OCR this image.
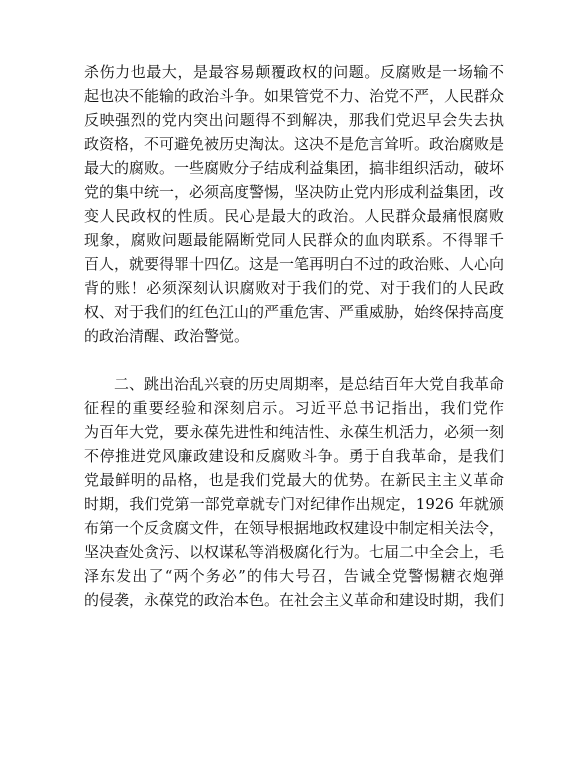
杀伤力也最大，是最容易颠覆政权的问题。反腐败是一场输不
起也决不能输的政治斗争。如果管党不力、治党不严，人民群众
反映强烈的党内突出问题得不到解决，那我们党迟早会失去执
政资格，不可避免被历史淘汰。这决不是危言耸听。政治腐败是
最大的腐败。一些腐败分子结成利益集团，搞非组织活动，破坏
党的集中统一，必须高度警惕，坚决防止党内形成利益集团，改
变人民政权的性质。民心是最大的政治。人民群众最痛恨腐败
现象，腐败问题最能隔断党同人民群众的血肉联系。不得罪千
百人，就要得罪十四亿。这是一笔再明白不过的政治账、人心向
背的账！必须深刻认识腐败对于我们的党、对于我们的人民政
权、对于我们的红色江山的严重危害、严重威胁，始终保持高度
的政治清醒、政治警觉。
　　二、跳出治乱兴衰的历史周期率，是总结百年大党自我革命
征程的重要经验和深刻启示。习近平总书记指出，我们党作
为百年大党，要永葆先进性和纯洁性、永葆生机活力，必须一刻
不停推进党风廉政建设和反腐败斗争。勇于自我革命，是我们
党最鲜明的品格，也是我们党最大的优势。在新民主主义革命
时期，我们党第一部党章就专门对纪律作出规定，1926 年就颁
布第一个反贪腐文件，在领导根据地政权建设中制定相关法令，
坚决查处贪污、以权谋私等消极腐化行为。七届二中全会上，毛
泽东发出了“两个务必”的伟大号召，告诫全党警惕糖衣炮弹
的侵袭，永葆党的政治本色。在社会主义革命和建设时期，我们
